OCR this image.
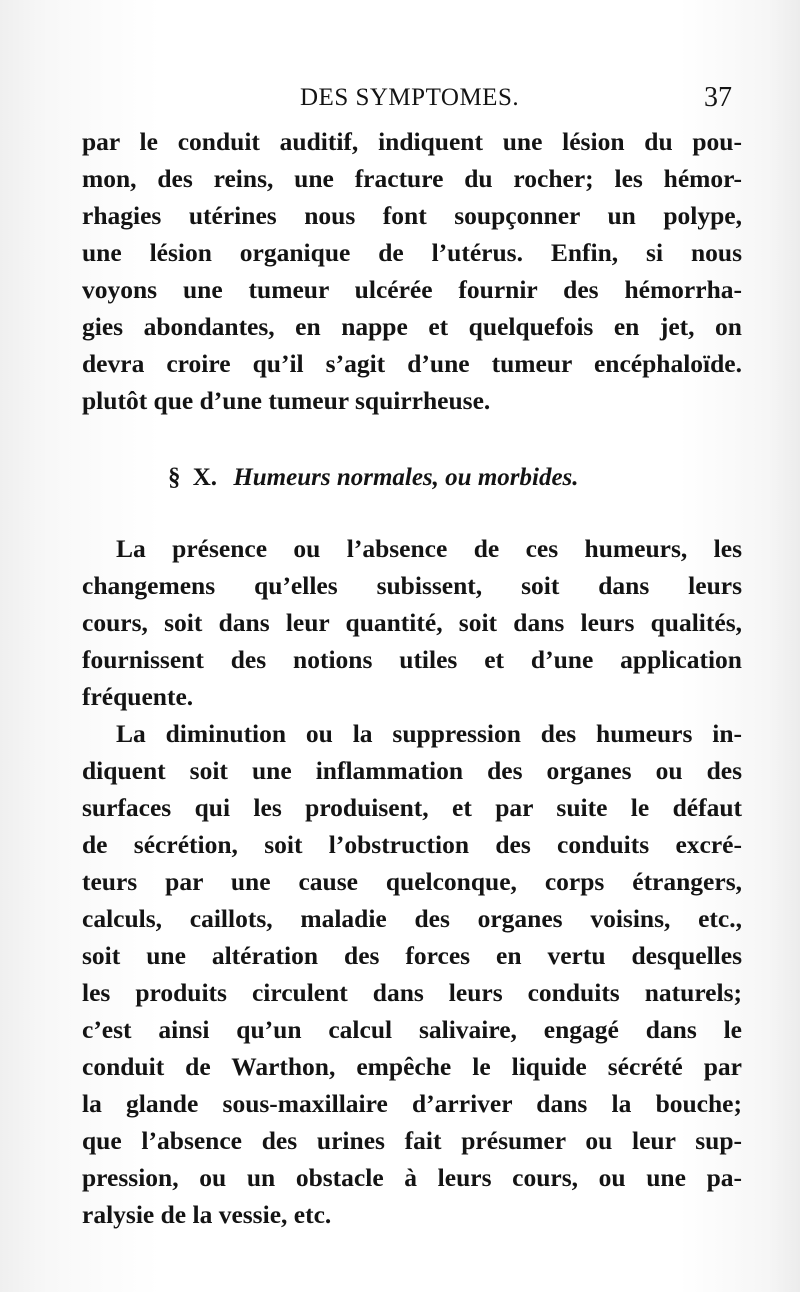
DES SYMPTOMES.	37
par le conduit auditif, indiquent une lésion du pou-
mon, des reins, une fracture du rocher; les hémor-
rhagies utérines nous font soupçonner un polype,
une lésion organique de l’utérus. Enfin, si nous
voyons une tumeur ulcérée fournir des hémorrha-
gies abondantes, en nappe et quelquefois en jet, on
devra croire qu’il s’agit d’une tumeur encéphaloïde.
plutôt que d’une tumeur squirrheuse.
§ X. Humeurs normales, ou morbides.
La présence ou l’absence de ces humeurs, les
changemens qu’elles subissent, soit dans leurs
cours, soit dans leur quantité, soit dans leurs qualités,
fournissent des notions utiles et d’une application
fréquente.
La diminution ou la suppression des humeurs in-
diquent soit une inflammation des organes ou des
surfaces qui les produisent, et par suite le défaut
de sécrétion, soit l’obstruction des conduits excré-
teurs par une cause quelconque, corps étrangers,
calculs, caillots, maladie des organes voisins, etc.,
soit une altération des forces en vertu desquelles
les produits circulent dans leurs conduits naturels;
c’est ainsi qu’un calcul salivaire, engagé dans le
conduit de Warthon, empêche le liquide sécrété par
la glande sous-maxillaire d’arriver dans la bouche;
que l’absence des urines fait présumer ou leur sup-
pression, ou un obstacle à leurs cours, ou une pa-
ralysie de la vessie, etc.
